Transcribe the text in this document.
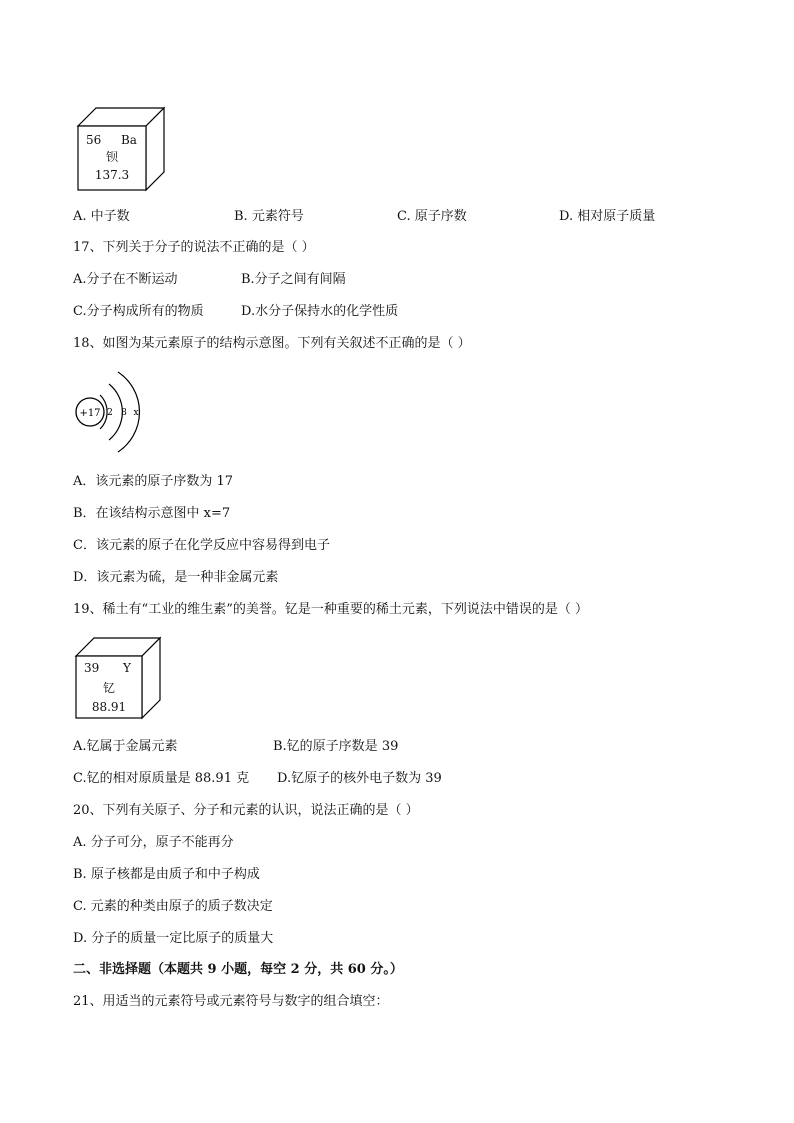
56 Ba
钡
137.3
A. 中子数	B. 元素符号	C. 原子序数	D. 相对原子质量
17、下列关于分子的说法不正确的是（ ）
A.分子在不断运动	B.分子之间有间隔
C.分子构成所有的物质	D.水分子保持水的化学性质
18、如图为某元素原子的结构示意图。下列有关叙述不正确的是（ ）
+17 2 8 x
A．该元素的原子序数为 17
B．在该结构示意图中 x=7
C．该元素的原子在化学反应中容易得到电子
D．该元素为硫，是一种非金属元素
19、稀土有“工业的维生素”的美誉。钇是一种重要的稀土元素，下列说法中错误的是（ ）
39 Y
钇
88.91
A.钇属于金属元素	B.钇的原子序数是 39
C.钇的相对原质量是 88.91 克 D.钇原子的核外电子数为 39
20、下列有关原子、分子和元素的认识，说法正确的是（ ）
A. 分子可分，原子不能再分
B. 原子核都是由质子和中子构成
C. 元素的种类由原子的质子数决定
D. 分子的质量一定比原子的质量大
二、非选择题（本题共 9 小题，每空 2 分，共 60 分。）
21、用适当的元素符号或元素符号与数字的组合填空：
